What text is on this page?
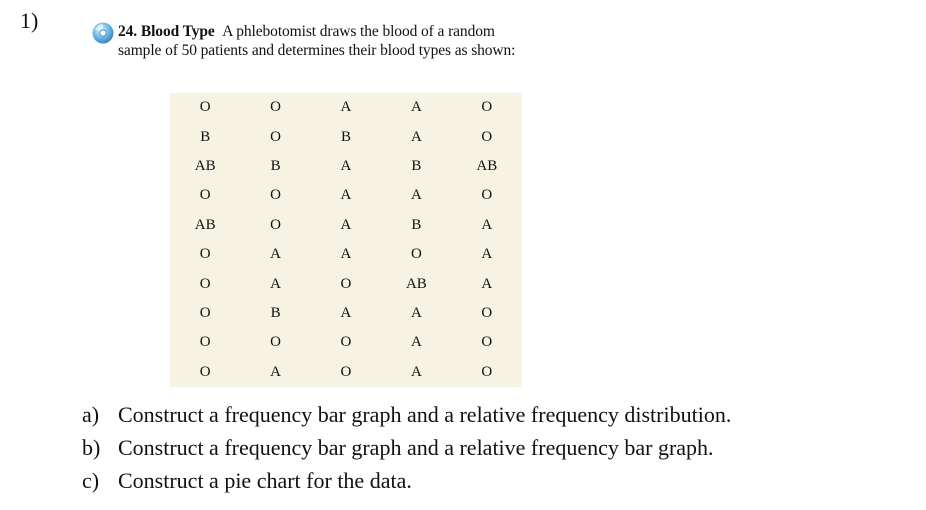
1)	24. Blood Type A phlebotomist draws the blood of a random
sample of 50 patients and determines their blood types as shown:
O	O	A	A	O
B	O	B	A	O
AB	B	A	B	AB
O	O	A	A	O
AB	O	A	B	A
O	A	A	O	A
O	A	O	AB	A
O	B	A	A	O
O	O	O	A	O
O	A	O	A	O
a) Construct a frequency bar graph and a relative frequency distribution.
b) Construct a frequency bar graph and a relative frequency bar graph.
c) Construct a pie chart for the data.
